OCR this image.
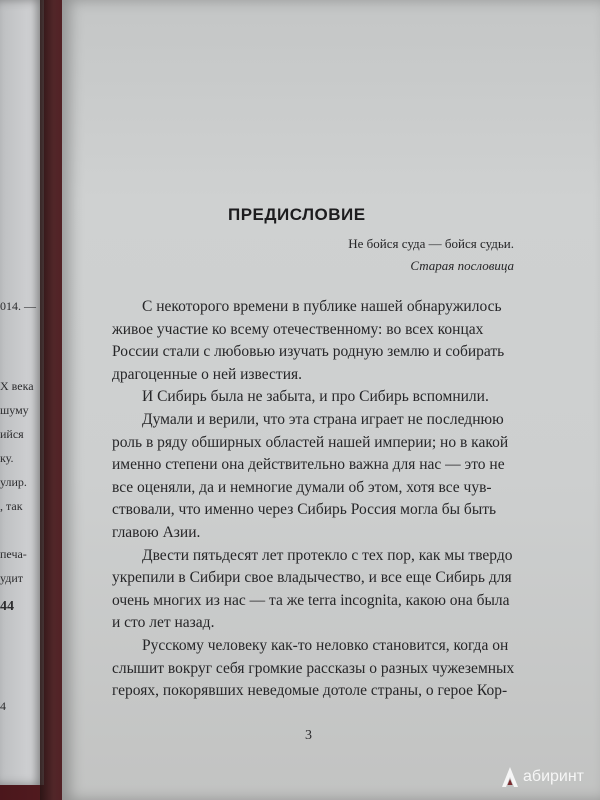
014. —

X века

шуму

ийся

ку.

улир.

, так

печа-

удит

44

4

ПРЕДИСЛОВИЕ

Не бойся суда — бойся судьи.

Старая пословица

С некоторого времени в публике нашей обнаружилось

живое участие ко всему отечественному: во всех концах

России стали с любовью изучать родную землю и собирать

драгоценные о ней известия.

И Сибирь была не забыта, и про Сибирь вспомнили.

Думали и верили, что эта страна играет не последнюю

роль в ряду обширных областей нашей империи; но в какой

именно степени она действительно важна для нас — это не

все оценяли, да и немногие думали об этом, хотя все чув-

ствовали, что именно через Сибирь Россия могла бы быть

главою Азии.

Двести пятьдесят лет протекло с тех пор, как мы твердо

укрепили в Сибири свое владычество, и все еще Сибирь для

очень многих из нас — та же terra incognita, какою она была

и сто лет назад.

Русскому человеку как-то неловко становится, когда он

слышит вокруг себя громкие рассказы о разных чужеземных

героях, покорявших неведомые дотоле страны, о герое Кор-

3

абиринт
